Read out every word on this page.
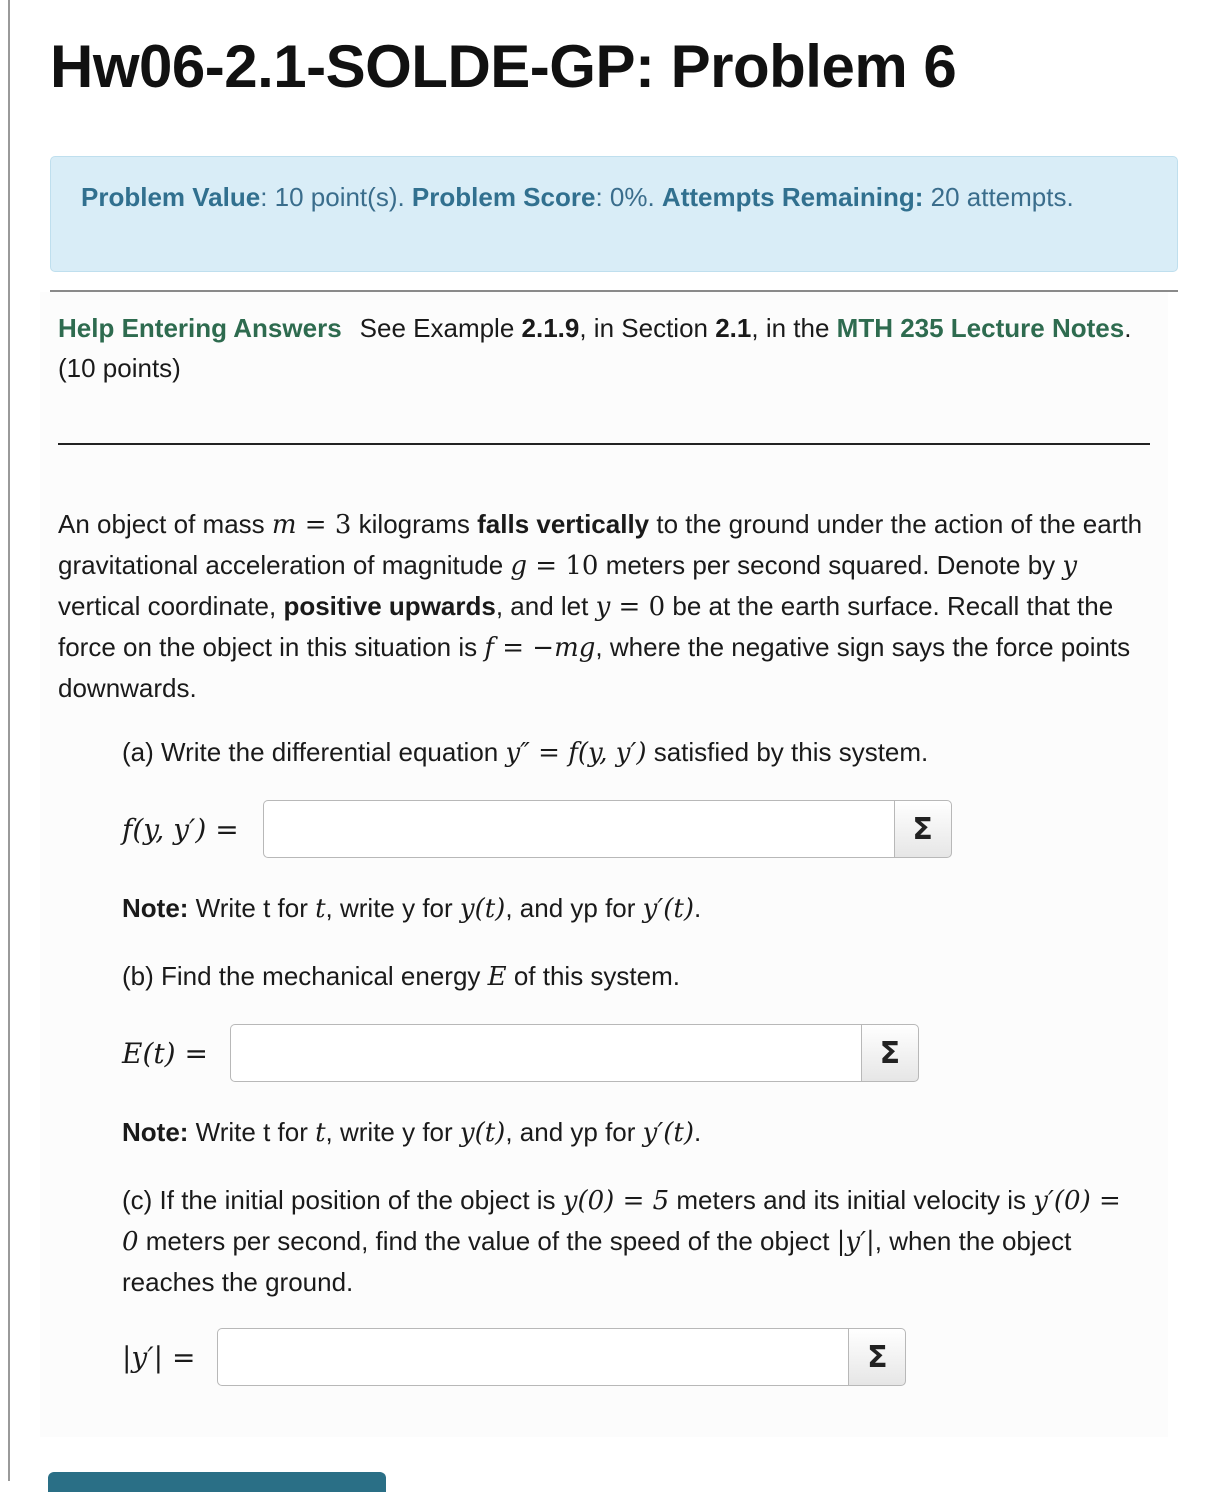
Hw06-2.1-SOLDE-GP: Problem 6
Problem Value: 10 point(s). Problem Score: 0%. Attempts Remaining: 20 attempts.
Help Entering Answers See Example 2.1.9, in Section 2.1, in the MTH 235 Lecture Notes.
(10 points)
An object of mass m = 3 kilograms falls vertically to the ground under the action of the earth gravitational acceleration of magnitude g = 10 meters per second squared. Denote by y vertical coordinate, positive upwards, and let y = 0 be at the earth surface. Recall that the force on the object in this situation is f = −mg, where the negative sign says the force points downwards.
(a) Write the differential equation y″ = f(y, y′) satisfied by this system.
f(y, y′) =	Σ
Note: Write t for t, write y for y(t), and yp for y′(t).
(b) Find the mechanical energy E of this system.
E(t) =	Σ
Note: Write t for t, write y for y(t), and yp for y′(t).
(c) If the initial position of the object is y(0) = 5 meters and its initial velocity is y′(0) = 0 meters per second, find the value of the speed of the object |y′|, when the object reaches the ground.
|y′| =	Σ
